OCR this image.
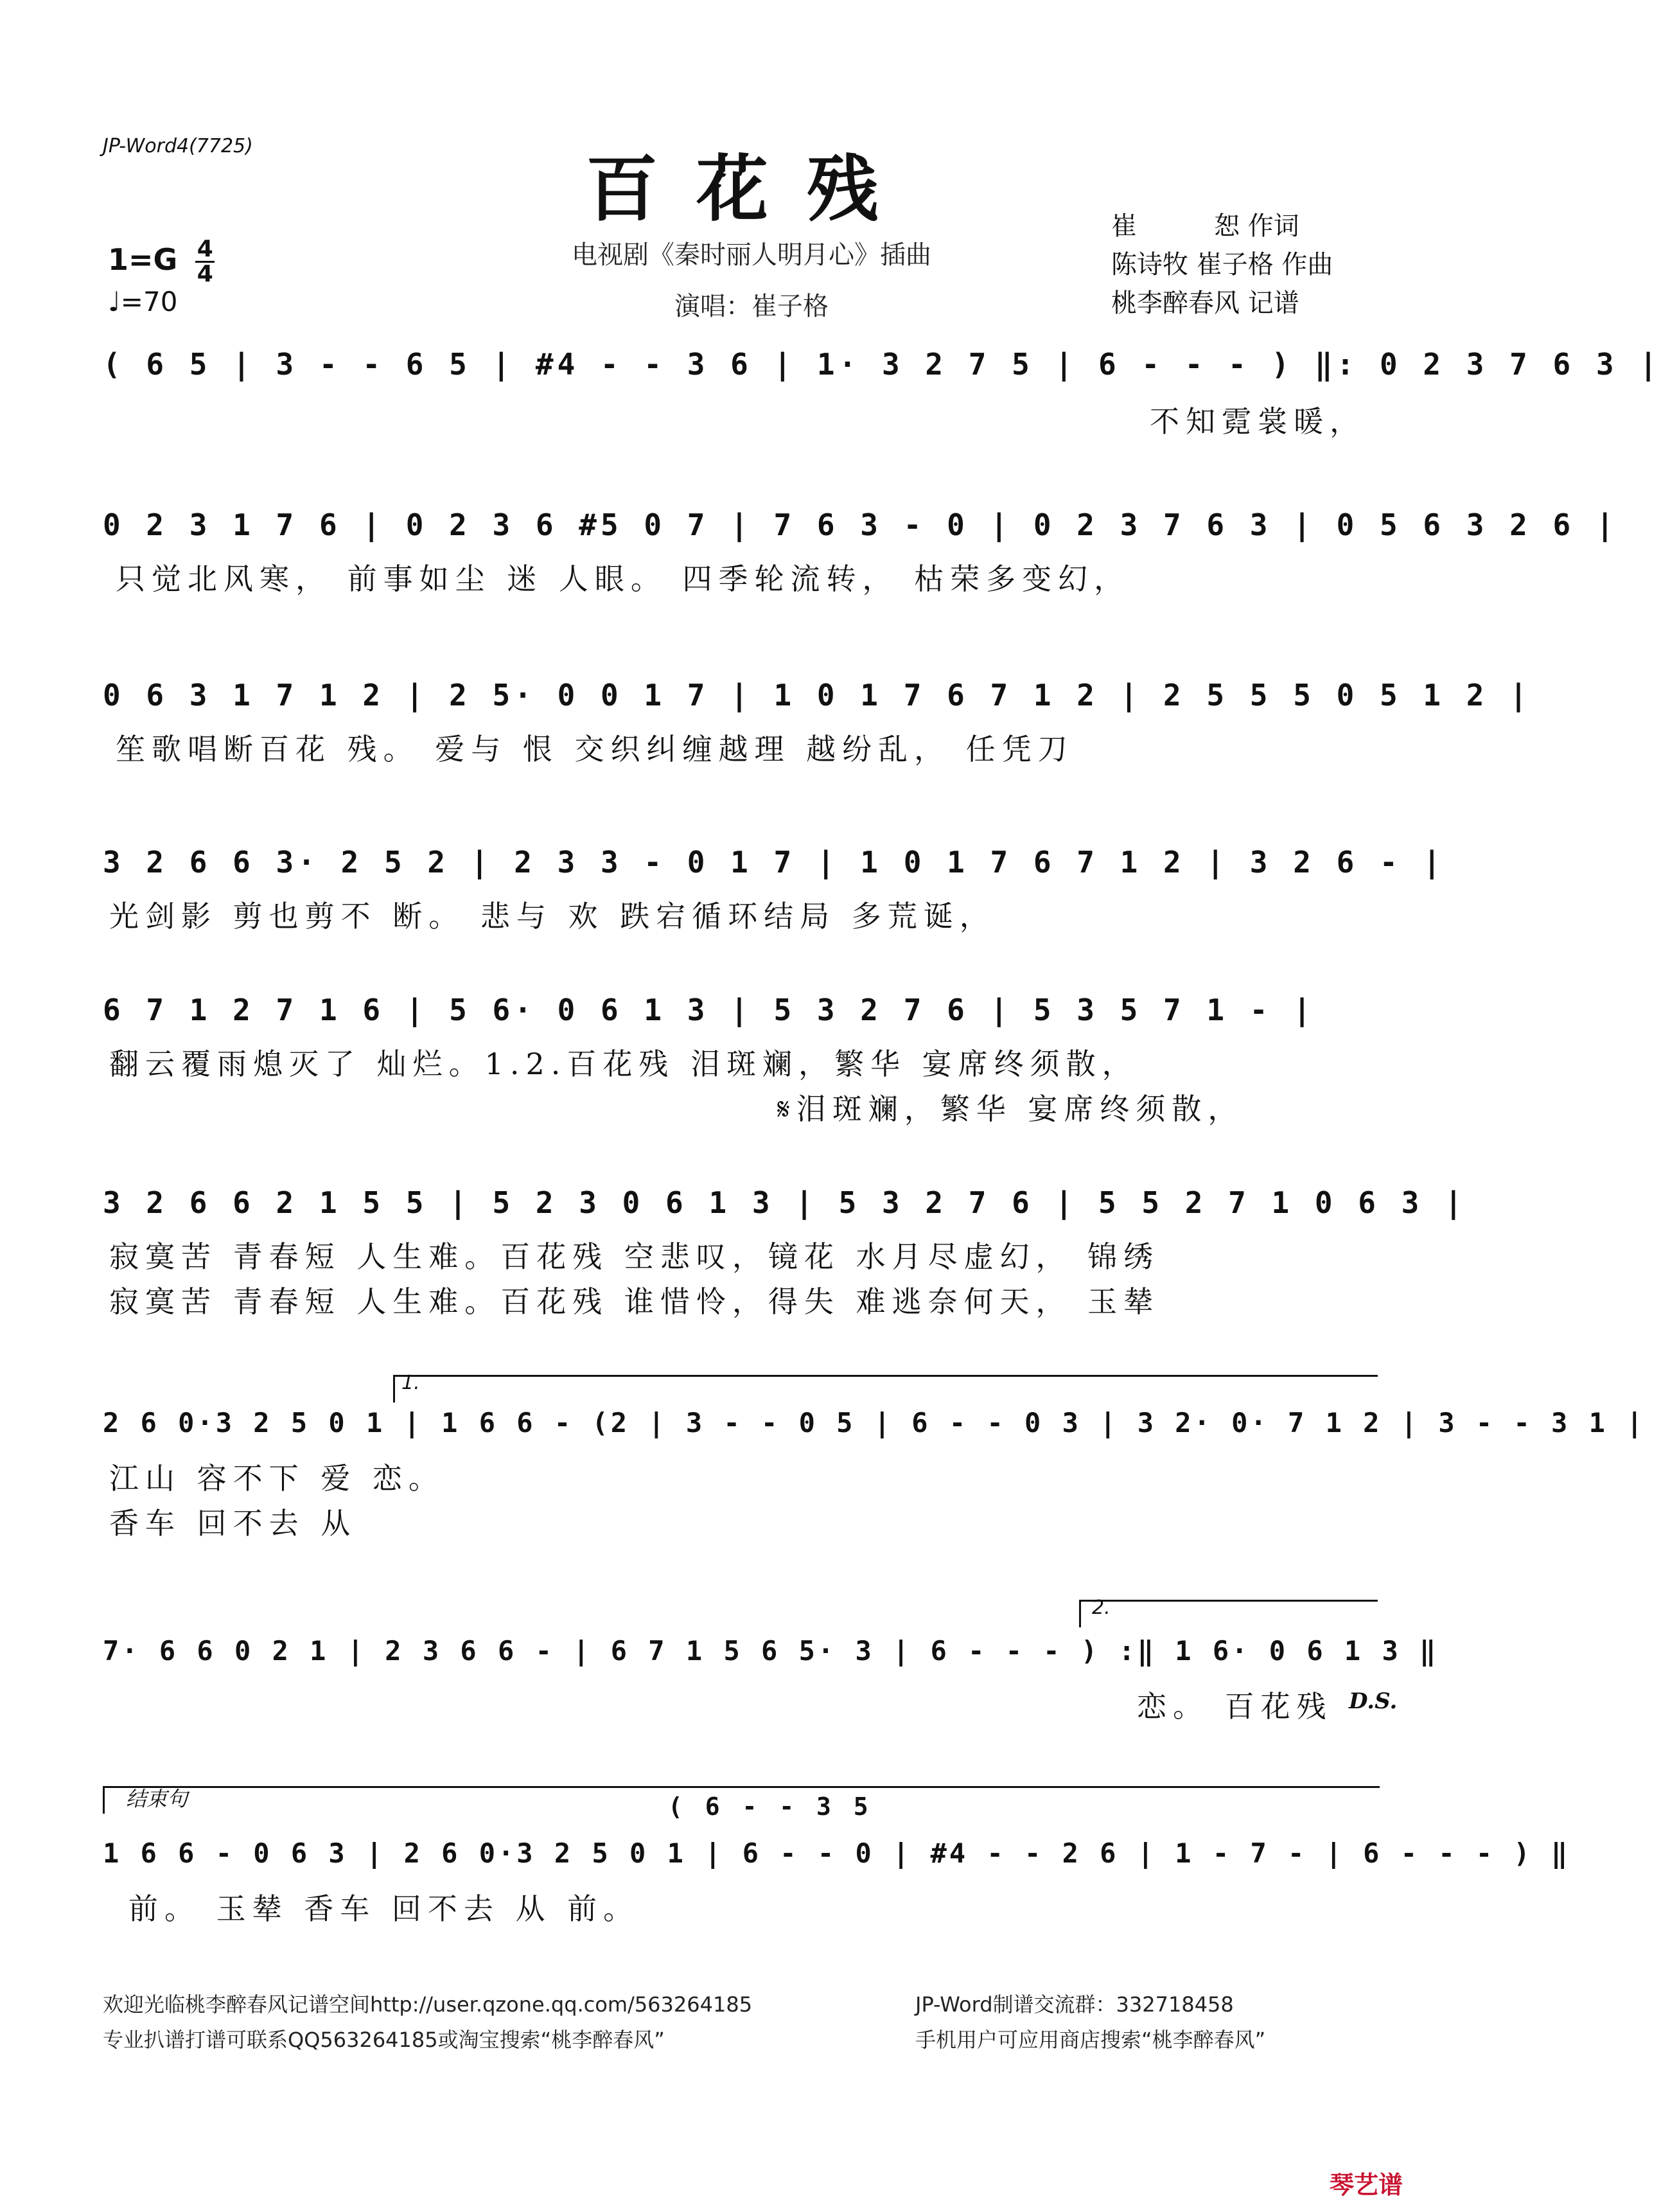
JP-Word4(7725)
百花残
$1=G \frac{4}{4}$
♩=70
电视剧《秦时丽人明月心》插曲
演唱：崔子格
崔　　　恕 作词
陈诗牧 崔子格 作曲
桃李醉春风 记谱
( 6 5 | 3 - - 6 5 | #4 - - 3 6 | 1· 3 2 7 5 | 6 - - - ) ‖: 0 2 3 7 6 3 |
不知霓裳暖，
0 2 3 1 7 6 | 0 2 3 6 #5 0 7 | 7 6 3 - 0 | 0 2 3 7 6 3 | 0 5 6 3 2 6 |
只觉北风寒， 前事如尘 迷 人眼。 四季轮流转， 枯荣多变幻，
0 6 3 1 7 1 2 | 2 5· 0 0 1 7 | 1 0 1 7 6 7 1 2 | 2 5 5 5 0 5 1 2 |
笙歌唱断百花 残。 爱与 恨 交织纠缠越理 越纷乱， 任凭刀
3 2 6 6 3· 2 5 2 | 2 3 3 - 0 1 7 | 1 0 1 7 6 7 1 2 | 3 2 6 - |
光剑影 剪也剪不 断。 悲与 欢 跌宕循环结局 多荒诞，
6 7 1 2 7 1 6 | 5 6· 0 6 1 3 | 5 3 2 7 6 | 5 3 5 7 1 - |
翻云覆雨熄灭了 灿烂。1.2.百花残 泪斑斓，繁华 宴席终须散，
𝄋泪斑斓，繁华 宴席终须散，
3 2 6 6 2 1 5 5 | 5 2 3 0 6 1 3 | 5 3 2 7 6 | 5 5 2 7 1 0 6 3 |
寂寞苦 青春短 人生难。百花残 空悲叹，镜花 水月尽虚幻， 锦绣
寂寞苦 青春短 人生难。百花残 谁惜怜，得失 难逃奈何天， 玉辇
1.
2 6 0·3 2 5 0 1 | 1 6 6 - (2 | 3 - - 0 5 | 6 - - 0 3 | 3 2· 0· 7 1 2 | 3 - - 3 1 |
江山 容不下 爱 恋。
香车 回不去 从
2.
7· 6 6 0 2 1 | 2 3 6 6 - | 6 7 1 5 6 5· 3 | 6 - - - ) :‖ 1 6· 0 6 1 3 ‖
恋。 百花残 D.S.
结束句	( 6 - - 3 5
1 6 6 - 0 6 3 | 2 6 0·3 2 5 0 1 | 6 - - 0 | #4 - - 2 6 | 1 - 7 - | 6 - - - ) ‖
前。 玉辇 香车 回不去 从 前。
欢迎光临桃李醉春风记谱空间http://user.qzone.qq.com/563264185	JP-Word制谱交流群：332718458
专业扒谱打谱可联系QQ563264185或淘宝搜索“桃李醉春风”	手机用户可应用商店搜索“桃李醉春风”
琴艺谱
